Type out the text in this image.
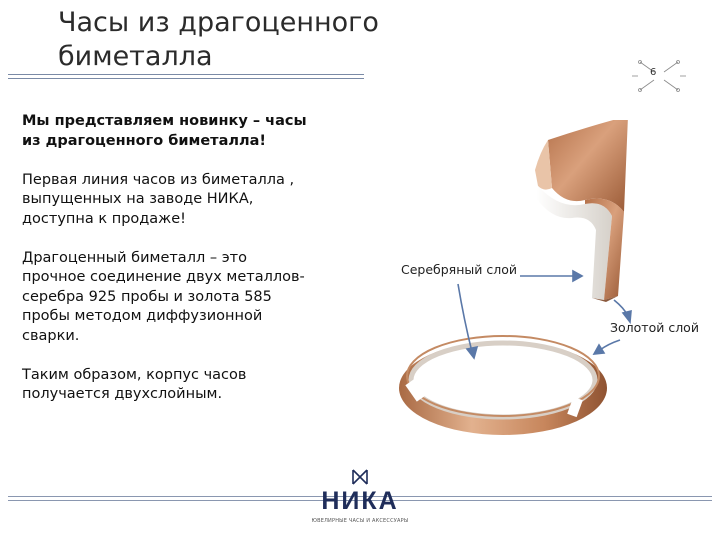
Часы из драгоценного биметалла
6

Мы представляем новинку – часы из драгоценного биметалла!

Первая линия часов из биметалла , выпущенных на заводе НИКА, доступна к продаже!

Драгоценный биметалл – это прочное соединение двух металлов- серебра 925 пробы и золота 585 пробы методом диффузионной сварки.

Таким образом, корпус часов получается двухслойным.

Серебряный слой
Золотой слой
НИКА
ЮВЕЛИРНЫЕ ЧАСЫ И АКСЕССУАРЫ
